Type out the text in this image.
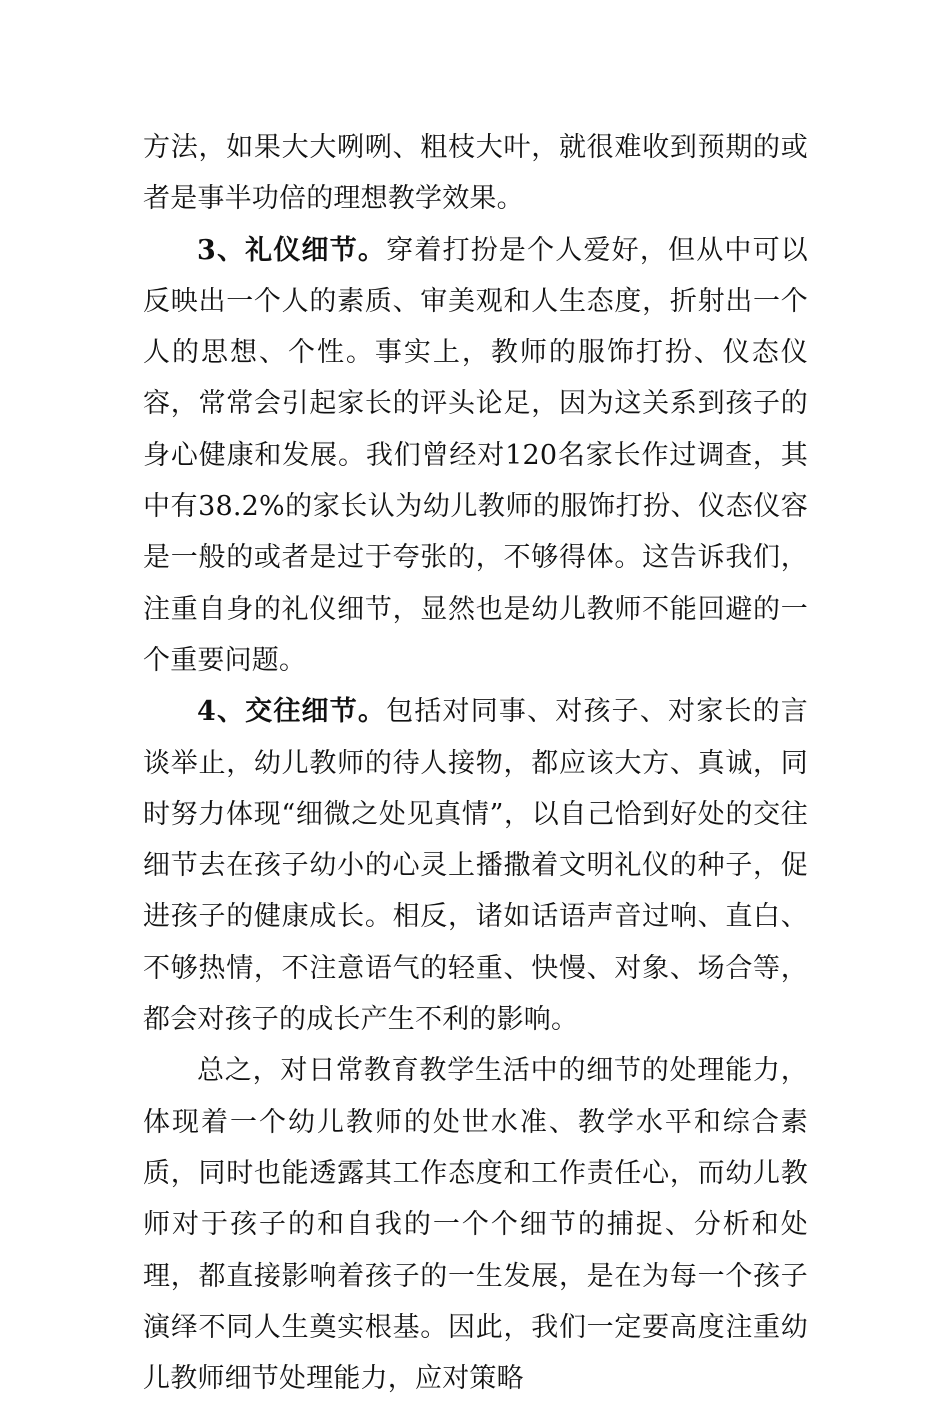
方法，如果大大咧咧、粗枝大叶，就很难收到预期的或者是事半功倍的理想教学效果。

3、礼仪细节。穿着打扮是个人爱好，但从中可以反映出一个人的素质、审美观和人生态度，折射出一个人的思想、个性。事实上，教师的服饰打扮、仪态仪容，常常会引起家长的评头论足，因为这关系到孩子的身心健康和发展。我们曾经对120名家长作过调查，其中有38.2%的家长认为幼儿教师的服饰打扮、仪态仪容是一般的或者是过于夸张的，不够得体。这告诉我们，注重自身的礼仪细节，显然也是幼儿教师不能回避的一个重要问题。

4、交往细节。包括对同事、对孩子、对家长的言谈举止，幼儿教师的待人接物，都应该大方、真诚，同时努力体现“细微之处见真情”，以自己恰到好处的交往细节去在孩子幼小的心灵上播撒着文明礼仪的种子，促进孩子的健康成长。相反，诸如话语声音过响、直白、不够热情，不注意语气的轻重、快慢、对象、场合等，都会对孩子的成长产生不利的影响。

总之，对日常教育教学生活中的细节的处理能力，体现着一个幼儿教师的处世水准、教学水平和综合素质，同时也能透露其工作态度和工作责任心，而幼儿教师对于孩子的和自我的一个个细节的捕捉、分析和处理，都直接影响着孩子的一生发展，是在为每一个孩子演绎不同人生奠实根基。因此，我们一定要高度注重幼儿教师细节处理能力，应对策略
